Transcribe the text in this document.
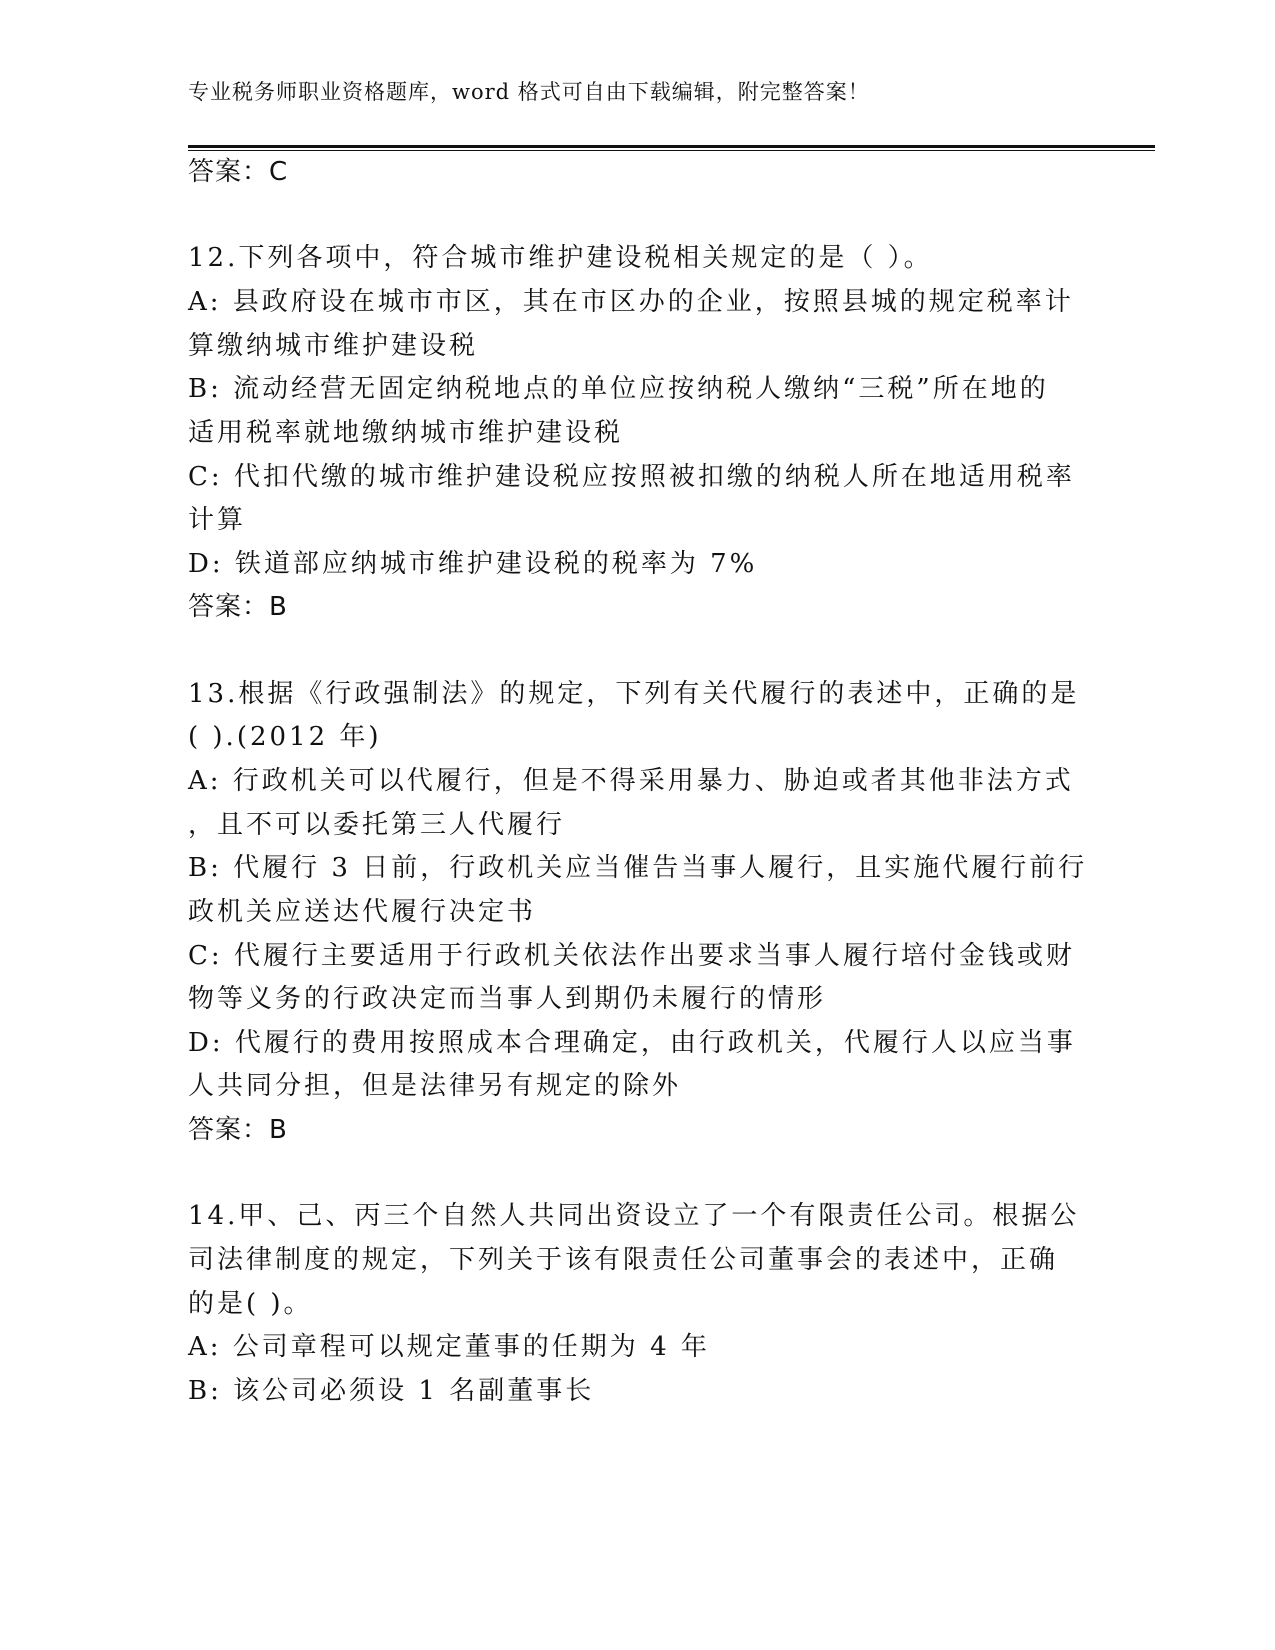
专业税务师职业资格题库，word 格式可自由下载编辑，附完整答案！
答案：C
12.下列各项中，符合城市维护建设税相关规定的是（ ）。
A: 县政府设在城市市区，其在市区办的企业，按照县城的规定税率计
算缴纳城市维护建设税
B: 流动经营无固定纳税地点的单位应按纳税人缴纳“三税”所在地的
适用税率就地缴纳城市维护建设税
C: 代扣代缴的城市维护建设税应按照被扣缴的纳税人所在地适用税率
计算
D: 铁道部应纳城市维护建设税的税率为 7%
答案：B
13.根据《行政强制法》的规定，下列有关代履行的表述中，正确的是
( ).(2012 年)
A: 行政机关可以代履行，但是不得采用暴力、胁迫或者其他非法方式
，且不可以委托第三人代履行
B: 代履行 3 日前，行政机关应当催告当事人履行，且实施代履行前行
政机关应送达代履行决定书
C: 代履行主要适用于行政机关依法作出要求当事人履行培付金钱或财
物等义务的行政决定而当事人到期仍未履行的情形
D: 代履行的费用按照成本合理确定，由行政机关，代履行人以应当事
人共同分担，但是法律另有规定的除外
答案：B
14.甲、己、丙三个自然人共同出资设立了一个有限责任公司。根据公
司法律制度的规定，下列关于该有限责任公司董事会的表述中，正确
的是( )。
A: 公司章程可以规定董事的任期为 4 年
B: 该公司必须设 1 名副董事长
